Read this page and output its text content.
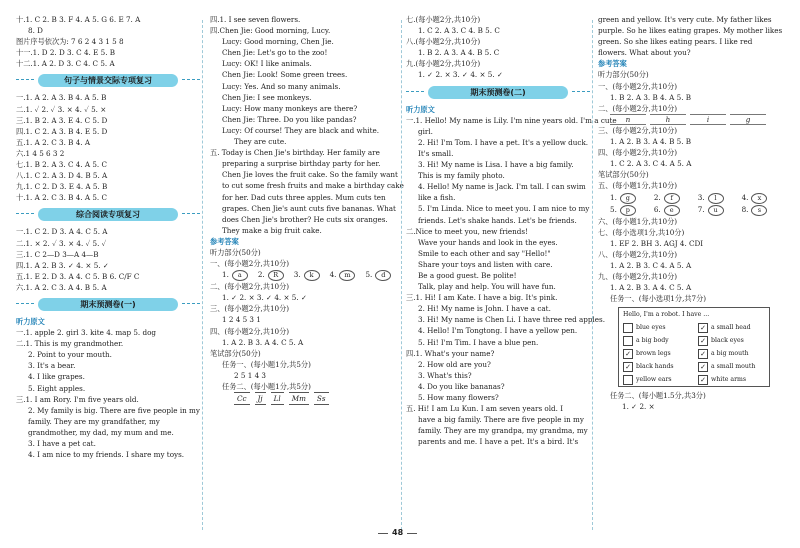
十.1. C 2. B 3. F 4. A 5. G 6. E 7. A
8. D
图片序号依次为: 7 6 2 4 3 1 5 8
十一.1. D 2. D 3. C 4. E 5. B
十二.1. A 2. D 3. C 4. C 5. A
句子与情景交际专项复习
一.1. A 2. A 3. B 4. A 5. B
二.1. ✓ 2. ✓ 3. × 4. ✓ 5. ×
三.1. B 2. A 3. E 4. C 5. D
四.1. C 2. A 3. B 4. E 5. D
五.1. A 2. C 3. B 4. A
六.1 4 5 6 3 2
七.1. B 2. A 3. C 4. A 5. C
八.1. C 2. A 3. D 4. B 5. A
九.1. C 2. D 3. E 4. A 5. B
十.1. A 2. C 3. B 4. A 5. C
综合阅读专项复习
一.1. C 2. D 3. A 4. C 5. A
二.1. × 2. ✓ 3. × 4. ✓ 5. ✓
三.1. C 2—D 3—A 4—B
四.1. A 2. B 3. ✓ 4. × 5. ✓
五.1. E 2. D 3. A 4. C 5. B 6. C/F C
六.1. A 2. C 3. A 4. B 5. A
期末预测卷(一)
听力原文
一.1. apple 2. girl 3. kite 4. map 5. dog
二.1. This is my grandmother.
2. Point to your mouth.
3. It's a bear.
4. I like grapes.
5. Eight apples.
三.1. I am Rory. I'm five years old.
2. My family is big. There are five people in my
family. They are my grandfather, my
grandmother, my dad, my mum and me.
3. I have a pet cat.
4. I am nice to my friends. I share my toys.
四.1. I see seven flowers.
四.Chen Jie: Good morning, Lucy.
Lucy: Good morning, Chen Jie.
Chen Jie: Let's go to the zoo!
Lucy: OK! I like animals.
Chen Jie: Look! Some green trees.
Lucy: Yes. And so many animals.
Chen Jie: I see monkeys.
Lucy: How many monkeys are there?
Chen Jie: Three. Do you like pandas?
Lucy: Of course! They are black and white.
They are cute.
五. Today is Chen Jie's birthday. Her family are
preparing a surprise birthday party for her.
Chen Jie loves the fruit cake. So the family want
to cut some fresh fruits and make a birthday cake
for her. Dad cuts three apples. Mum cuts ten
grapes. Chen Jie's aunt cuts five bananas. What
does Chen Jie's brother? He cuts six oranges.
They make a big fruit cake.
参考答案
听力部分(50分)
一、(每小题2分,共10分)
1. a 2. R 3. k 4. m 5. d
二、(每小题2分,共10分)
1. ✓ 2. × 3. ✓ 4. × 5. ✓
三、(每小题2分,共10分)
1 2 4 5 3 1
四、(每小题2分,共10分)
1. A 2. B 3. A 4. C 5. A
笔试部分(50分)
任务一、(每小题1分,共5分)
2 5 1 4 3
任务二、(每小题1分,共5分)
Cc Jj Ll Mm Ss
七.(每小题2分,共10分)
1. C 2. A 3. C 4. B 5. C
八.(每小题2分,共10分)
1. B 2. A 3. A 4. B 5. C
九.(每小题2分,共10分)
1. ✓ 2. × 3. ✓ 4. × 5. ✓
期末预测卷(二)
听力原文
一.1. Hello! My name is Lily. I'm nine years old. I'm a cute
girl.
2. Hi! I'm Tom. I have a pet. It's a yellow duck.
It's small.
3. Hi! My name is Lisa. I have a big family.
This is my family photo.
4. Hello! My name is Jack. I'm tall. I can swim
like a fish.
5. I'm Linda. Nice to meet you. I am nice to my
friends. Let's shake hands. Let's be friends.
二.Nice to meet you, new friends!
Wave your hands and look in the eyes.
Smile to each other and say "Hello!"
Share your toys and listen with care.
Be a good guest. Be polite!
Talk, play and help. You will have fun.
三.1. Hi! I am Kate. I have a big. It's pink.
2. Hi! My name is John. I have a cat.
3. Hi! My name is Chen Li. I have three red apples.
4. Hello! I'm Tongtong. I have a yellow pen.
5. Hi! I'm Tim. I have a blue pen.
四.1. What's your name?
2. How old are you?
3. What's this?
4. Do you like bananas?
5. How many flowers?
五. Hi! I am Lu Kun. I am seven years old. I
have a big family. There are five people in my
family. They are my grandpa, my grandma, my
parents and me. I have a pet. It's a bird. It's
green and yellow. It's very cute. My father likes
purple. So he likes eating grapes. My mother likes
green. So she likes eating pears. I like red
flowers. What about you?
参考答案
听力部分(50分)
一、(每小题2分,共10分)
1. B 2. A 3. B 4. A 5. B
二、(每小题2分,共10分)
n	h	i	g
三、(每小题2分,共10分)
1. A 2. B 3. A 4. B 5. B
四、(每小题2分,共10分)
1. C 2. A 3. C 4. A 5. A
笔试部分(50分)
五、(每小题1分,共10分)
1. g	2. f	3. l	4. x
5. p	6. e	7. u	8. s
六、(每小题1分,共10分)
七、(每小选项1分,共10分)
1. EF 2. BH 3. AGJ 4. CDI
八、(每小题2分,共10分)
1. A 2. B 3. C 4. A 5. A
九、(每小题2分,共10分)
1. A 2. B 3. A 4. C 5. A
任务一、(每小选项1分,共7分)
Hello, I'm a robot. I have ...
blue eyes	✓ a small head
a big body	✓ black eyes
✓ brown legs	✓ a big mouth
✓ black hands	✓ a small mouth
yellow ears	✓ white arms
任务二、(每小题1.5分,共3分)
1. ✓ 2. ×
48
